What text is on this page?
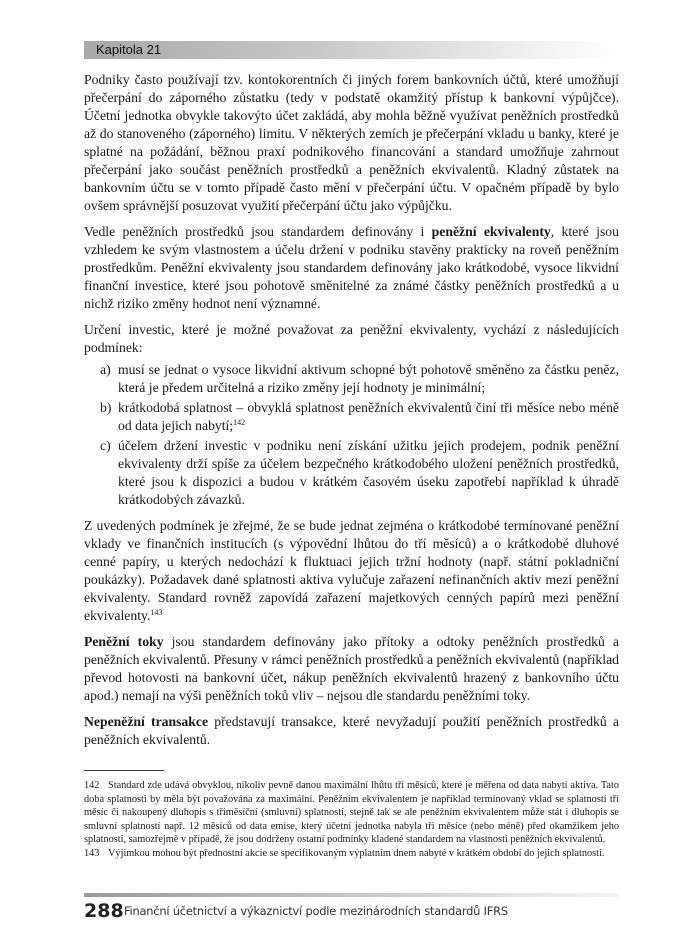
Kapitola 21

Podniky často používají tzv. kontokorentních či jiných forem bankovních účtů, které umožňují přečerpání do záporného zůstatku (tedy v podstatě okamžitý přístup k bankovní výpůjčce). Účetní jednotka obvykle takovýto účet zakládá, aby mohla běžně využívat peněžních prostředků až do stanoveného (záporného) limitu. V některých zemích je přečerpání vkladu u banky, které je splatné na požádání, běžnou praxí podnikového financování a standard umožňuje zahrnout přečerpání jako součást peněžních prostředků a peněžních ekvivalentů. Kladný zůstatek na bankovním účtu se v tomto případě často mění v přečerpání účtu. V opačném případě by bylo ovšem správnější posuzovat využití přečerpání účtu jako výpůjčku.

Vedle peněžních prostředků jsou standardem definovány i peněžní ekvivalenty, které jsou vzhledem ke svým vlastnostem a účelu držení v podniku stavěny prakticky na roveň peněžním prostředkům. Peněžní ekvivalenty jsou standardem definovány jako krátkodobé, vysoce likvidní finanční investice, které jsou pohotově směnitelné za známé částky peněžních prostředků a u nichž riziko změny hodnot není významné.

Určení investic, které je možné považovat za peněžní ekvivalenty, vychází z následujících podmínek:

a) musí se jednat o vysoce likvidní aktivum schopné být pohotově směněno za částku peněz, která je předem určitelná a riziko změny její hodnoty je minimální;
b) krátkodobá splatnost – obvyklá splatnost peněžních ekvivalentů činí tři měsíce nebo méně od data jejich nabytí;$^{142}$
c) účelem držení investic v podniku není získání užitku jejich prodejem, podnik peněžní ekvivalenty drží spíše za účelem bezpečného krátkodobého uložení peněžních prostředků, které jsou k dispozici a budou v krátkém časovém úseku zapotřebí například k úhradě krátkodobých závazků.

Z uvedených podmínek je zřejmé, že se bude jednat zejména o krátkodobé termínované peněžní vklady ve finančních institucích (s výpovědní lhůtou do tří měsíců) a o krátkodobé dluhové cenné papíry, u kterých nedochází k fluktuaci jejich tržní hodnoty (např. státní pokladniční poukázky). Požadavek dané splatnosti aktiva vylučuje zařazení nefinančních aktiv mezi peněžní ekvivalenty. Standard rovněž zapovídá zařazení majetkových cenných papírů mezi peněžní ekvivalenty.$^{143}$

Peněžní toky jsou standardem definovány jako přítoky a odtoky peněžních prostředků a peněžních ekvivalentů. Přesuny v rámci peněžních prostředků a peněžních ekvivalentů (například převod hotovosti na bankovní účet, nákup peněžních ekvivalentů hrazený z bankovního účtu apod.) nemají na výši peněžních toků vliv – nejsou dle standardu peněžními toky.

Nepeněžní transakce představují transakce, které nevyžadují použití peněžních prostředků a peněžních ekvivalentů.

142 Standard zde udává obvyklou, nikoliv pevně danou maximální lhůtu tří měsíců, které je měřena od data nabytí aktiva. Tato doba splatnosti by měla být považována za maximální. Peněžním ekvivalentem je například termínovaný vklad se splatností tří měsíc či nakoupený dluhopis s tříměsíční (smluvní) splatností, stejně tak se ale peněžním ekvivalentem může stát i dluhopis se smluvní splatností např. 12 měsíců od data emise, který účetní jednotka nabyla tři měsíce (nebo méně) před okamžikem jeho splatnosti, samozřejmě v případě, že jsou dodrženy ostatní podmínky kladené standardem na vlastnosti peněžních ekvivalentů.
143 Výjimkou mohou být přednostní akcie se specifikovaným výplatním dnem nabyté v krátkém období do jejich splatnosti.
288 Finanční účetnictví a výkaznictví podle mezinárodních standardů IFRS
